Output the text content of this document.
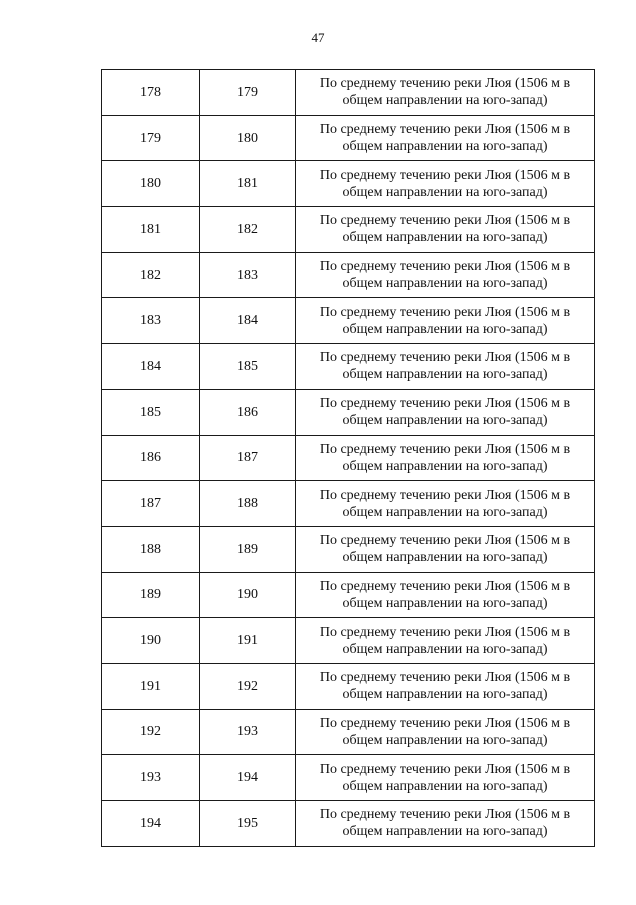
47
178	179	По среднему течению реки Люя (1506 м в
общем направлении на юго-запад)
179	180	По среднему течению реки Люя (1506 м в
общем направлении на юго-запад)
180	181	По среднему течению реки Люя (1506 м в
общем направлении на юго-запад)
181	182	По среднему течению реки Люя (1506 м в
общем направлении на юго-запад)
182	183	По среднему течению реки Люя (1506 м в
общем направлении на юго-запад)
183	184	По среднему течению реки Люя (1506 м в
общем направлении на юго-запад)
184	185	По среднему течению реки Люя (1506 м в
общем направлении на юго-запад)
185	186	По среднему течению реки Люя (1506 м в
общем направлении на юго-запад)
186	187	По среднему течению реки Люя (1506 м в
общем направлении на юго-запад)
187	188	По среднему течению реки Люя (1506 м в
общем направлении на юго-запад)
188	189	По среднему течению реки Люя (1506 м в
общем направлении на юго-запад)
189	190	По среднему течению реки Люя (1506 м в
общем направлении на юго-запад)
190	191	По среднему течению реки Люя (1506 м в
общем направлении на юго-запад)
191	192	По среднему течению реки Люя (1506 м в
общем направлении на юго-запад)
192	193	По среднему течению реки Люя (1506 м в
общем направлении на юго-запад)
193	194	По среднему течению реки Люя (1506 м в
общем направлении на юго-запад)
194	195	По среднему течению реки Люя (1506 м в
общем направлении на юго-запад)
